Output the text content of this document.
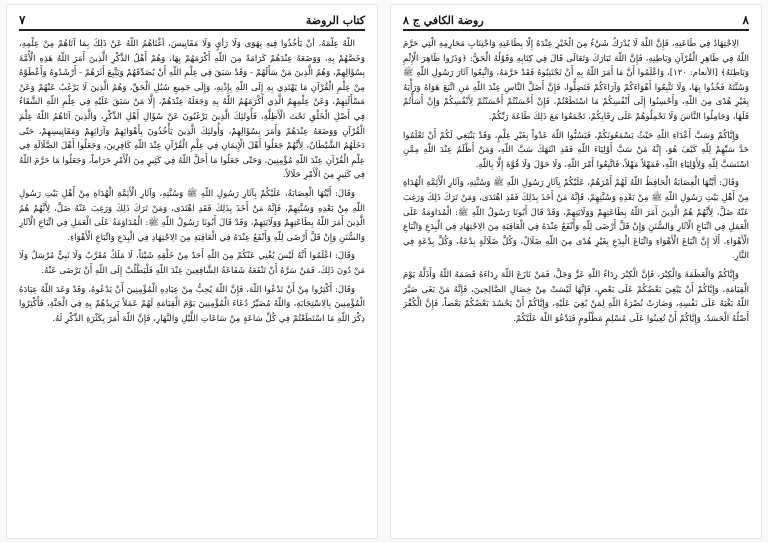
كتاب الروضة
٧

اللّهُ عِلْمَهُ، أَنْ يَأْخُذُوا فِيهِ بِهَوَى وَلَا رَأْيٍ وَلَا مَقَايِيسَ، أَغْنَاهُمُ اللّهُ عَنْ ذَلِكَ بِمَا آتَاهُمْ مِنْ عِلْمِهِ، وَخَصَّهُمْ بِهِ، وَوَضَعَهُ عِنْدَهُمْ كَرَامَةً مِنَ اللّهِ أَكْرَمَهُمْ بِهَا، وَهُمْ أَهْلُ الذِّكْرِ الَّذِينَ أَمَرَ اللّهُ هَذِهِ الْأُمَّةَ بِسُؤَالِهِمْ، وَهُمُ الَّذِينَ مَنْ سَأَلَهُمْ - وَقَدْ سَبَقَ فِي عِلْمِ اللّهِ أَنْ يُصَدِّقَهُمْ وَيَتَّبِعَ أَثَرَهُمْ - أَرْشَدُوهُ وَأَعْطَوْهُ مِنْ عِلْمِ الْقُرْآنِ مَا يَهْتَدِي بِهِ إِلَى اللّهِ بِإِذْنِهِ، وَإِلَى جَمِيعِ سُبُلِ الْحَقِّ، وَهُمُ الَّذِينَ لَا يَرْغَبُ عَنْهُمْ وَعَنْ مَسْأَلَتِهِمْ، وَعَنْ عِلْمِهِمُ الَّذِي أَكْرَمَهُمُ اللّهُ بِهِ وَجَعَلَهُ عِنْدَهُمْ، إِلَّا مَنْ سَبَقَ عَلَيْهِ فِي عِلْمِ اللّهِ الشَّقَاءُ فِي أَصْلِ الْخَلْقِ تَحْتَ الْأَظِلَّةِ، فَأُولئِكَ الَّذِينَ يَرْغَبُونَ عَنْ سُؤَالِ أَهْلِ الذِّكْرِ، وَالَّذِينَ آتَاهُمُ اللّهُ عِلْمَ الْقُرْآنِ وَوَضَعَهُ عِنْدَهُمْ وَأَمَرَ بِسُؤَالِهِمْ، وَأُولئِكَ الَّذِينَ يَأْخُذُونَ بِأَهْوَائِهِمْ وَآرَائِهِمْ وَمَقَايِيسِهِمْ، حَتّى دَخَلَهُمُ الشَّيْطَانُ، لِأَنَّهُمْ جَعَلُوا أَهْلَ الْإِيمَانِ فِي عِلْمِ الْقُرْآنِ عِنْدَ اللّهِ كَافِرِينَ، وَجَعَلُوا أَهْلَ الضَّلَالَةِ فِي عِلْمِ الْقُرْآنِ عِنْدَ اللّهِ مُؤْمِنِينَ، وَحَتّى جَعَلُوا مَا أَحَلَّ اللّهُ فِي كَثِيرٍ مِنَ الْأَمْرِ حَرَاماً، وَجَعَلُوا مَا حَرَّمَ اللّهُ فِي كَثِيرٍ مِنَ الْأَمْرِ حَلَالاً.

وَقَالَ: أَيَّتُهَا الْعِصَابَةُ، عَلَيْكُمْ بِآثَارِ رَسُولِ اللّهِ ﷺ وَسُنَّتِهِ، وَآثَارِ الْأَئِمَّةِ الْهُدَاةِ مِنْ أَهْلِ بَيْتِ رَسُولِ اللّهِ مِنْ بَعْدِهِ وَسُنَّتِهِمْ، فَإِنَّهُ مَنْ أَخَذَ بِذَلِكَ فَقَدِ اهْتَدَى، وَمَنْ تَرَكَ ذَلِكَ وَرَغِبَ عَنْهُ ضَلَّ، لِأَنَّهُمْ هُمُ الَّذِينَ أَمَرَ اللّهُ بِطَاعَتِهِمْ وَوَلَايَتِهِمْ، وَقَدْ قَالَ أَبُونَا رَسُولُ اللّهِ ﷺ: الْمُدَاوَمَةُ عَلَى الْعَمَلِ فِي اتِّبَاعِ الْآثَارِ وَالسُّنَنِ وَإِنْ قَلَّ أَرْضَى لِلّهِ وَأَنْفَعُ عِنْدَهُ فِي الْعَاقِبَةِ مِنَ الِاجْتِهَادِ فِي الْبِدَعِ وَاتِّبَاعِ الْأَهْوَاءِ.

وَقَالَ: اعْلَمُوا أَنَّهُ لَيْسَ يُغْنِي عَنْكُمْ مِنَ اللّهِ أَحَدٌ مِنْ خَلْقِهِ شَيْئاً، لَا مَلَكٌ مُقَرَّبٌ وَلَا نَبِيٌّ مُرْسَلٌ وَلَا مَنْ دُونَ ذَلِكَ، فَمَنْ سَرَّهُ أَنْ تَنْفَعَهُ شَفَاعَةُ الشَّافِعِينَ عِنْدَ اللّهِ فَلْيَطْلُبْ إِلَى اللّهِ أَنْ يَرْضَى عَنْهُ.

وَقَالَ: أَكْثِرُوا مِنْ أَنْ تَدْعُوا اللّهَ، فَإِنَّ اللّهَ يُحِبُّ مِنْ عِبَادِهِ الْمُؤْمِنِينَ أَنْ يَدْعُوهُ، وَقَدْ وَعَدَ اللّهُ عِبَادَهُ الْمُؤْمِنِينَ بِالِاسْتِجَابَةِ، وَاللّهُ مُصَيِّرٌ دُعَاءَ الْمُؤْمِنِينَ يَوْمَ الْقِيَامَةِ لَهُمْ عَمَلاً يَزِيدُهُمْ بِهِ فِي الْجَنَّةِ، فَأَكْثِرُوا ذِكْرَ اللّهِ مَا اسْتَطَعْتُمْ فِي كُلِّ سَاعَةٍ مِنْ سَاعَاتِ اللَّيْلِ وَالنَّهَارِ، فَإِنَّ اللّهَ أَمَرَ بِكَثْرَةِ الذِّكْرِ لَهُ.

٨
روضة الكافي ج ٨

الِاجْتِهَادُ فِي طَاعَتِهِ، فَإِنَّ اللّهَ لَا يُدْرَكُ شَيْءٌ مِنَ الْخَيْرِ عِنْدَهُ إِلَّا بِطَاعَتِهِ وَاجْتِنَابِ مَحَارِمِهِ الَّتِي حَرَّمَ اللّهُ فِي ظَاهِرِ الْقُرْآنِ وَبَاطِنِهِ، فَإِنَّ اللّهَ تَبَارَكَ وَتَعَالَى قَالَ فِي كِتَابِهِ وَقَوْلُهُ الْحَقُّ: ﴿وَذَرُوا ظَاهِرَ الْإِثْمِ وَبَاطِنَهُ﴾ [الأنعام: ١٢٠]، وَاعْلَمُوا أَنَّ مَا أَمَرَ اللّهُ بِهِ أَنْ تَجْتَنِبُوهُ فَقَدْ حَرَّمَهُ، وَاتَّبِعُوا آثَارَ رَسُولِ اللّهِ ﷺ وَسُنَّتَهُ فَخُذُوا بِهَا، وَلَا تَتَّبِعُوا أَهْوَاءَكُمْ وَآرَاءَكُمْ فَتَضِلُّوا، فَإِنَّ أَضَلَّ النَّاسِ عِنْدَ اللّهِ مَنِ اتَّبَعَ هَوَاهُ وَرَأْيَهُ بِغَيْرِ هُدًى مِنَ اللّهِ، وَأَحْسِنُوا إِلَى أَنْفُسِكُمْ مَا اسْتَطَعْتُمْ، فَإِنْ أَحْسَنْتُمْ أَحْسَنْتُمْ لِأَنْفُسِكُمْ وَإِنْ أَسَأْتُمْ فَلَهَا، وَجَامِلُوا النَّاسَ وَلَا تَحْمِلُوهُمْ عَلَى رِقَابِكُمْ، تَجْمَعُوا مَعَ ذَلِكَ طَاعَةَ رَبِّكُمْ.

وَإِيَّاكُمْ وَسَبَّ أَعْدَاءِ اللّهِ حَيْثُ يَسْمَعُونَكُمْ، فَيَسُبُّوا اللّهَ عَدْواً بِغَيْرِ عِلْمٍ، وَقَدْ يَنْبَغِي لَكُمْ أَنْ تَعْلَمُوا حَدَّ سَبِّهِمْ لِلّهِ كَيْفَ هُوَ، إِنَّهُ مَنْ سَبَّ أَوْلِيَاءَ اللّهِ فَقَدِ انْتَهَكَ سَبَّ اللّهِ، وَمَنْ أَظْلَمُ عِنْدَ اللّهِ مِمَّنِ اسْتَسَبَّ لِلّهِ وَلِأَوْلِيَاءِ اللّهِ، فَمَهْلاً مَهْلاً، فَاتَّبِعُوا أَمْرَ اللّهِ، وَلَا حَوْلَ وَلَا قُوَّةَ إِلَّا بِاللّهِ.

وَقَالَ: أَيَّتُهَا الْعِصَابَةُ الْحَافِظُ اللّهُ لَهُمْ أَمْرَهُمْ، عَلَيْكُمْ بِآثَارِ رَسُولِ اللّهِ ﷺ وَسُنَّتِهِ، وَآثَارِ الْأَئِمَّةِ الْهُدَاةِ مِنْ أَهْلِ بَيْتِ رَسُولِ اللّهِ ﷺ مِنْ بَعْدِهِ وَسُنَّتِهِمْ، فَإِنَّهُ مَنْ أَخَذَ بِذَلِكَ فَقَدِ اهْتَدَى، وَمَنْ تَرَكَ ذَلِكَ وَرَغِبَ عَنْهُ ضَلَّ، لِأَنَّهُمْ هُمُ الَّذِينَ أَمَرَ اللّهُ بِطَاعَتِهِمْ وَوَلَايَتِهِمْ، وَقَدْ قَالَ أَبُونَا رَسُولُ اللّهِ ﷺ: الْمُدَاوَمَةُ عَلَى الْعَمَلِ فِي اتِّبَاعِ الْآثَارِ وَالسُّنَنِ وَإِنْ قَلَّ أَرْضَى لِلّهِ وَأَنْفَعُ عِنْدَهُ فِي الْعَاقِبَةِ مِنَ الِاجْتِهَادِ فِي الْبِدَعِ وَاتِّبَاعِ الْأَهْوَاءِ، أَلَا إِنَّ اتِّبَاعَ الْأَهْوَاءِ وَاتِّبَاعَ الْبِدَعِ بِغَيْرِ هُدًى مِنَ اللّهِ ضَلَالٌ، وَكُلَّ ضَلَالَةٍ بِدْعَةٌ، وَكُلَّ بِدْعَةٍ فِي النَّارِ.

وَإِيَّاكُمْ وَالْعَظَمَةَ وَالْكِبْرَ، فَإِنَّ الْكِبْرَ رِدَاءُ اللّهِ عَزَّ وَجَلَّ، فَمَنْ نَازَعَ اللّهَ رِدَاءَهُ قَصَمَهُ اللّهُ وَأَذَلَّهُ يَوْمَ الْقِيَامَةِ، وَإِيَّاكُمْ أَنْ يَبْغِيَ بَعْضُكُمْ عَلَى بَعْضٍ، فَإِنَّهَا لَيْسَتْ مِنْ خِصَالِ الصَّالِحِينَ، فَإِنَّهُ مَنْ بَغَى صَيَّرَ اللّهُ بَغْيَهُ عَلَى نَفْسِهِ، وَصَارَتْ نُصْرَةُ اللّهِ لِمَنْ بُغِيَ عَلَيْهِ، وَإِيَّاكُمْ أَنْ يَحْسُدَ بَعْضُكُمْ بَعْضاً، فَإِنَّ الْكُفْرَ أَصْلُهُ الْحَسَدُ، وَإِيَّاكُمْ أَنْ تُعِينُوا عَلَى مُسْلِمٍ مَظْلُومٍ فَيَدْعُوَ اللّهَ عَلَيْكُمْ.
